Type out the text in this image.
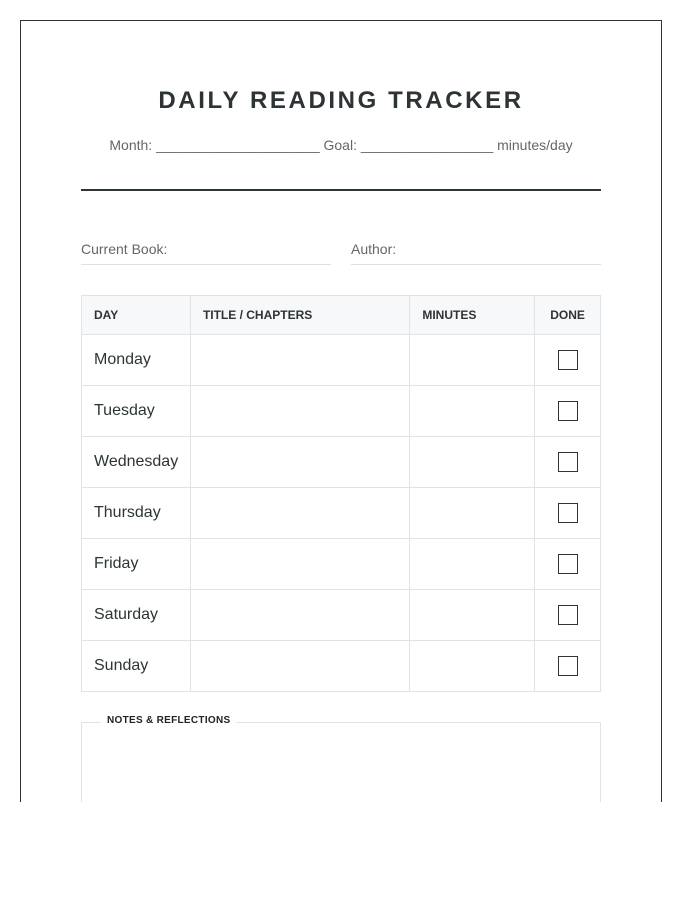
DAILY READING TRACKER
Month: _____________________ Goal: _________________ minutes/day
Current Book:	Author:
DAY	TITLE / CHAPTERS	MINUTES	DONE
Monday			
Tuesday			
Wednesday			
Thursday			
Friday			
Saturday			
Sunday			
NOTES & REFLECTIONS
